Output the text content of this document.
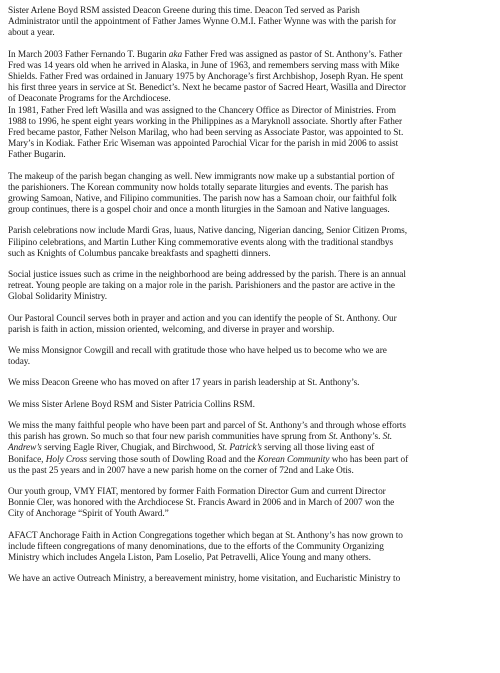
Sister Arlene Boyd RSM assisted Deacon Greene during this time. Deacon Ted served as Parish
Administrator until the appointment of Father James Wynne O.M.I. Father Wynne was with the parish for
about a year.
In March 2003 Father Fernando T. Bugarin aka Father Fred was assigned as pastor of St. Anthony’s. Father
Fred was 14 years old when he arrived in Alaska, in June of 1963, and remembers serving mass with Mike
Shields. Father Fred was ordained in January 1975 by Anchorage’s first Archbishop, Joseph Ryan. He spent
his first three years in service at St. Benedict’s. Next he became pastor of Sacred Heart, Wasilla and Director
of Deaconate Programs for the Archdiocese.
In 1981, Father Fred left Wasilla and was assigned to the Chancery Office as Director of Ministries. From
1988 to 1996, he spent eight years working in the Philippines as a Maryknoll associate. Shortly after Father
Fred became pastor, Father Nelson Marilag, who had been serving as Associate Pastor, was appointed to St.
Mary’s in Kodiak. Father Eric Wiseman was appointed Parochial Vicar for the parish in mid 2006 to assist
Father Bugarin.
The makeup of the parish began changing as well. New immigrants now make up a substantial portion of
the parishioners. The Korean community now holds totally separate liturgies and events. The parish has
growing Samoan, Native, and Filipino communities. The parish now has a Samoan choir, our faithful folk
group continues, there is a gospel choir and once a month liturgies in the Samoan and Native languages.
Parish celebrations now include Mardi Gras, luaus, Native dancing, Nigerian dancing, Senior Citizen Proms,
Filipino celebrations, and Martin Luther King commemorative events along with the traditional standbys
such as Knights of Columbus pancake breakfasts and spaghetti dinners.
Social justice issues such as crime in the neighborhood are being addressed by the parish. There is an annual
retreat. Young people are taking on a major role in the parish. Parishioners and the pastor are active in the
Global Solidarity Ministry.
Our Pastoral Council serves both in prayer and action and you can identify the people of St. Anthony. Our
parish is faith in action, mission oriented, welcoming, and diverse in prayer and worship.
We miss Monsignor Cowgill and recall with gratitude those who have helped us to become who we are
today.
We miss Deacon Greene who has moved on after 17 years in parish leadership at St. Anthony’s.
We miss Sister Arlene Boyd RSM and Sister Patricia Collins RSM.
We miss the many faithful people who have been part and parcel of St. Anthony’s and through whose efforts
this parish has grown. So much so that four new parish communities have sprung from St. Anthony’s. St.
Andrew’s serving Eagle River, Chugiak, and Birchwood, St. Patrick’s serving all those living east of
Boniface, Holy Cross serving those south of Dowling Road and the Korean Community who has been part of
us the past 25 years and in 2007 have a new parish home on the corner of 72nd and Lake Otis.
Our youth group, VMY FIAT, mentored by former Faith Formation Director Gum and current Director
Bonnie Cler, was honored with the Archdiocese St. Francis Award in 2006 and in March of 2007 won the
City of Anchorage “Spirit of Youth Award.”
AFACT Anchorage Faith in Action Congregations together which began at St. Anthony’s has now grown to
include fifteen congregations of many denominations, due to the efforts of the Community Organizing
Ministry which includes Angela Liston, Pam Loselio, Pat Petravelli, Alice Young and many others.
We have an active Outreach Ministry, a bereavement ministry, home visitation, and Eucharistic Ministry to
